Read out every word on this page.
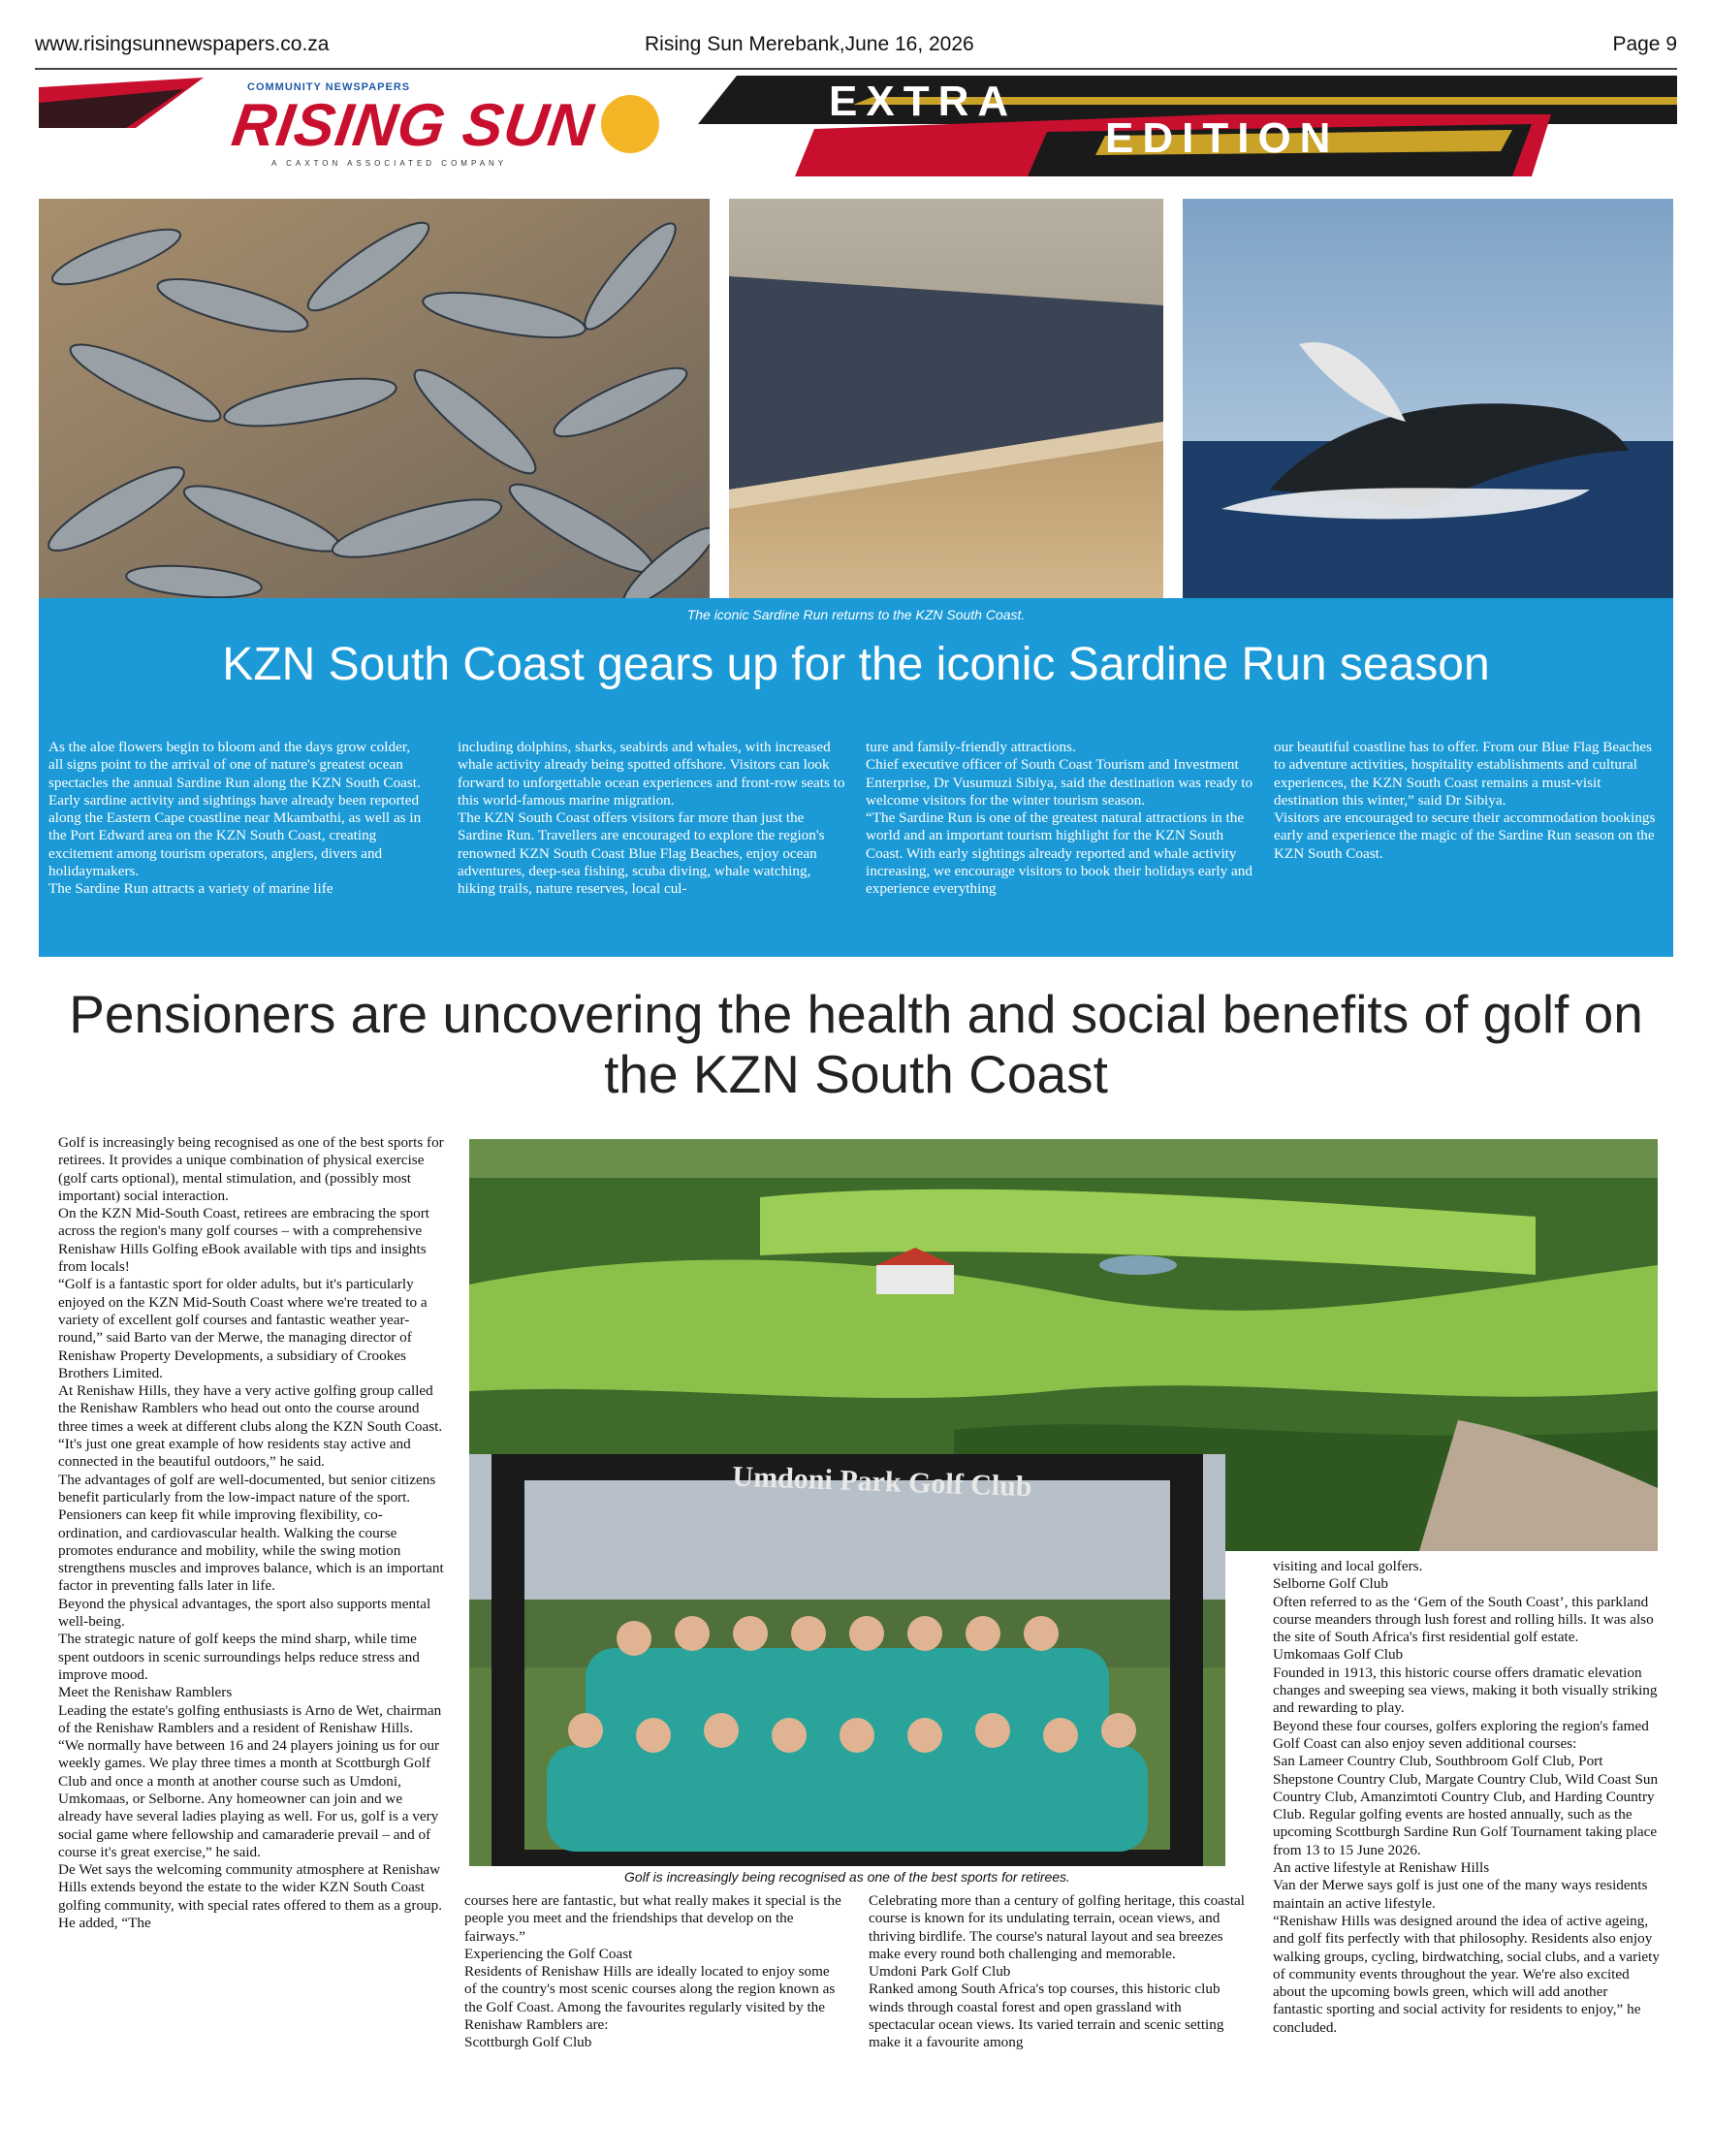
www.risingsunnewspapers.co.za	Rising Sun Merebank,June 16, 2026	Page 9
COMMUNITY NEWSPAPERS
RISING SUN
A CAXTON ASSOCIATED COMPANY
EXTRA
EDITION
The iconic Sardine Run returns to the KZN South Coast.
KZN South Coast gears up for the iconic Sardine Run season
As the aloe flowers begin to bloom and the days grow colder, all signs point to the arrival of one of nature's greatest ocean spectacles the annual Sardine Run along the KZN South Coast.
Early sardine activity and sightings have already been reported along the Eastern Cape coastline near Mkambathi, as well as in the Port Edward area on the KZN South Coast, creating excitement among tourism operators, anglers, divers and holidaymakers.
The Sardine Run attracts a variety of marine life
including dolphins, sharks, seabirds and whales, with increased whale activity already being spotted offshore. Visitors can look forward to unforgettable ocean experiences and front-row seats to this world-famous marine migration.
The KZN South Coast offers visitors far more than just the Sardine Run. Travellers are encouraged to explore the region's renowned KZN South Coast Blue Flag Beaches, enjoy ocean adventures, deep-sea fishing, scuba diving, whale watching, hiking trails, nature reserves, local cul-
ture and family-friendly attractions.
Chief executive officer of South Coast Tourism and Investment Enterprise, Dr Vusumuzi Sibiya, said the destination was ready to welcome visitors for the winter tourism season.
“The Sardine Run is one of the greatest natural attractions in the world and an important tourism highlight for the KZN South Coast. With early sightings already reported and whale activity increasing, we encourage visitors to book their holidays early and experience everything
our beautiful coastline has to offer. From our Blue Flag Beaches to adventure activities, hospitality establishments and cultural experiences, the KZN South Coast remains a must-visit destination this winter,” said Dr Sibiya.
Visitors are encouraged to secure their accommodation bookings early and experience the magic of the Sardine Run season on the KZN South Coast.
Pensioners are uncovering the health and social benefits of golf on the KZN South Coast
Golf is increasingly being recognised as one of the best sports for retirees. It provides a unique combination of physical exercise (golf carts optional), mental stimulation, and (possibly most important) social interaction.
On the KZN Mid-South Coast, retirees are embracing the sport across the region's many golf courses – with a comprehensive Renishaw Hills Golfing eBook available with tips and insights from locals!
“Golf is a fantastic sport for older adults, but it's particularly enjoyed on the KZN Mid-South Coast where we're treated to a variety of excellent golf courses and fantastic weather year-round,” said Barto van der Merwe, the managing director of Renishaw Property Developments, a subsidiary of Crookes Brothers Limited.
At Renishaw Hills, they have a very active golfing group called the Renishaw Ramblers who head out onto the course around three times a week at different clubs along the KZN South Coast.
“It's just one great example of how residents stay active and connected in the beautiful outdoors,” he said.
The advantages of golf are well-documented, but senior citizens benefit particularly from the low-impact nature of the sport. Pensioners can keep fit while improving flexibility, co-ordination, and cardiovascular health. Walking the course promotes endurance and mobility, while the swing motion strengthens muscles and improves balance, which is an important factor in preventing falls later in life.
Beyond the physical advantages, the sport also supports mental well-being.
The strategic nature of golf keeps the mind sharp, while time spent outdoors in scenic surroundings helps reduce stress and improve mood.
Meet the Renishaw Ramblers
Leading the estate's golfing enthusiasts is Arno de Wet, chairman of the Renishaw Ramblers and a resident of Renishaw Hills.
“We normally have between 16 and 24 players joining us for our weekly games. We play three times a month at Scottburgh Golf Club and once a month at another course such as Umdoni, Umkomaas, or Selborne. Any homeowner can join and we already have several ladies playing as well. For us, golf is a very social game where fellowship and camaraderie prevail – and of course it's great exercise,” he said.
De Wet says the welcoming community atmosphere at Renishaw Hills extends beyond the estate to the wider KZN South Coast golfing community, with special rates offered to them as a group. He added, “The
Umdoni Park Golf Club
Golf is increasingly being recognised as one of the best sports for retirees.
courses here are fantastic, but what really makes it special is the people you meet and the friendships that develop on the fairways.”
Experiencing the Golf Coast
Residents of Renishaw Hills are ideally located to enjoy some of the country's most scenic courses along the region known as the Golf Coast. Among the favourites regularly visited by the Renishaw Ramblers are:
Scottburgh Golf Club
Celebrating more than a century of golfing heritage, this coastal course is known for its undulating terrain, ocean views, and thriving birdlife. The course's natural layout and sea breezes make every round both challenging and memorable.
Umdoni Park Golf Club
Ranked among South Africa's top courses, this historic club winds through coastal forest and open grassland with spectacular ocean views. Its varied terrain and scenic setting make it a favourite among
visiting and local golfers.
Selborne Golf Club
Often referred to as the ‘Gem of the South Coast’, this parkland course meanders through lush forest and rolling hills. It was also the site of South Africa's first residential golf estate.
Umkomaas Golf Club
Founded in 1913, this historic course offers dramatic elevation changes and sweeping sea views, making it both visually striking and rewarding to play.
Beyond these four courses, golfers exploring the region's famed Golf Coast can also enjoy seven additional courses:
San Lameer Country Club, Southbroom Golf Club, Port Shepstone Country Club, Margate Country Club, Wild Coast Sun Country Club, Amanzimtoti Country Club, and Harding Country Club. Regular golfing events are hosted annually, such as the upcoming Scottburgh Sardine Run Golf Tournament taking place from 13 to 15 June 2026.
An active lifestyle at Renishaw Hills
Van der Merwe says golf is just one of the many ways residents maintain an active lifestyle.
“Renishaw Hills was designed around the idea of active ageing, and golf fits perfectly with that philosophy. Residents also enjoy walking groups, cycling, birdwatching, social clubs, and a variety of community events throughout the year. We're also excited about the upcoming bowls green, which will add another fantastic sporting and social activity for residents to enjoy,” he concluded.
